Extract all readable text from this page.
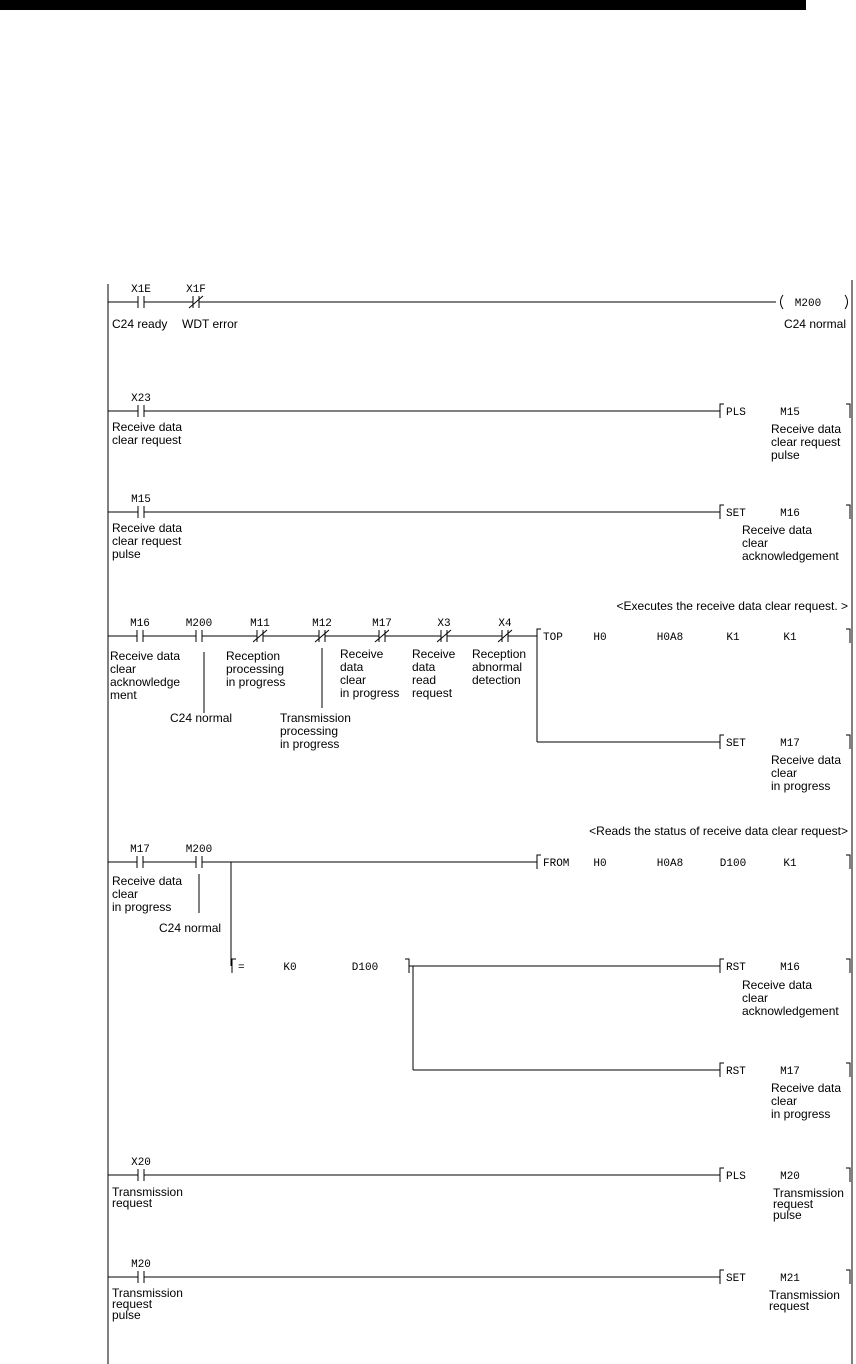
X1E	X1F
M200
C24 ready WDT error	C24 normal
X23
PLS	M15
Receive data clear request
Receive data clear request pulse
M15
SET	M16
Receive data clear request pulse
Receive data clear acknowledgement
<Executes the receive data clear request. >
M16	M200	M11	M12	M17	X3	X4
TOP	H0	H0A8	K1	K1
Receive data clear acknowledge ment
C24 normal
Reception processing in progress
Transmission processing in progress
Receive data clear in progress
Receive data read request
Reception abnormal detection
SET	M17
Receive data clear in progress
<Reads the status of receive data clear request>
M17	M200
FROM H0	H0A8	D100	K1
Receive data clear in progress
C24 normal
=	K0	D100	RST	M16
Receive data clear acknowledgement
RST	M17
Receive data clear in progress
X20
PLS	M20
Transmission request
Transmission request pulse
M20
SET	M21
Transmission request pulse
Transmission request
